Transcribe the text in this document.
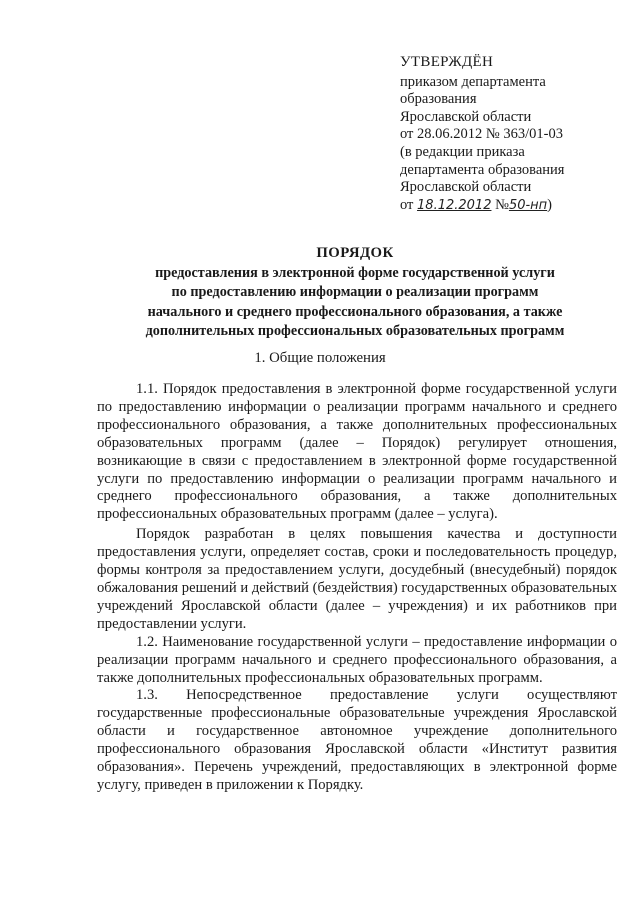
УТВЕРЖДЁН
приказом департамента
образования
Ярославской области
от 28.06.2012 № 363/01-03
(в редакции приказа
департамента образования
Ярославской области
от 18.12.2012 №50-нп)
ПОРЯДОК
предоставления в электронной форме государственной услуги
по предоставлению информации о реализации программ
начального и среднего профессионального образования, а также
дополнительных профессиональных образовательных программ
1. Общие положения

1.1. Порядок предоставления в электронной форме государственной услуги по предоставлению информации о реализации программ начального и среднего профессионального образования, а также дополнительных профессиональных образовательных программ (далее – Порядок) регулирует отношения, возникающие в связи с предоставлением в электронной форме государственной услуги по предоставлению информации о реализации программ начального и среднего профессионального образования, а также дополнительных профессиональных образовательных программ (далее – услуга).

Порядок разработан в целях повышения качества и доступности предоставления услуги, определяет состав, сроки и последовательность процедур, формы контроля за предоставлением услуги, досудебный (внесудебный) порядок обжалования решений и действий (бездействия) государственных образовательных учреждений Ярославской области (далее – учреждения) и их работников при предоставлении услуги.

1.2. Наименование государственной услуги – предоставление информации о реализации программ начального и среднего профессионального образования, а также дополнительных профессиональных образовательных программ.

1.3. Непосредственное предоставление услуги осуществляют государственные профессиональные образовательные учреждения Ярославской области и государственное автономное учреждение дополнительного профессионального образования Ярославской области «Институт развития образования». Перечень учреждений, предоставляющих в электронной форме услугу, приведен в приложении к Порядку.
